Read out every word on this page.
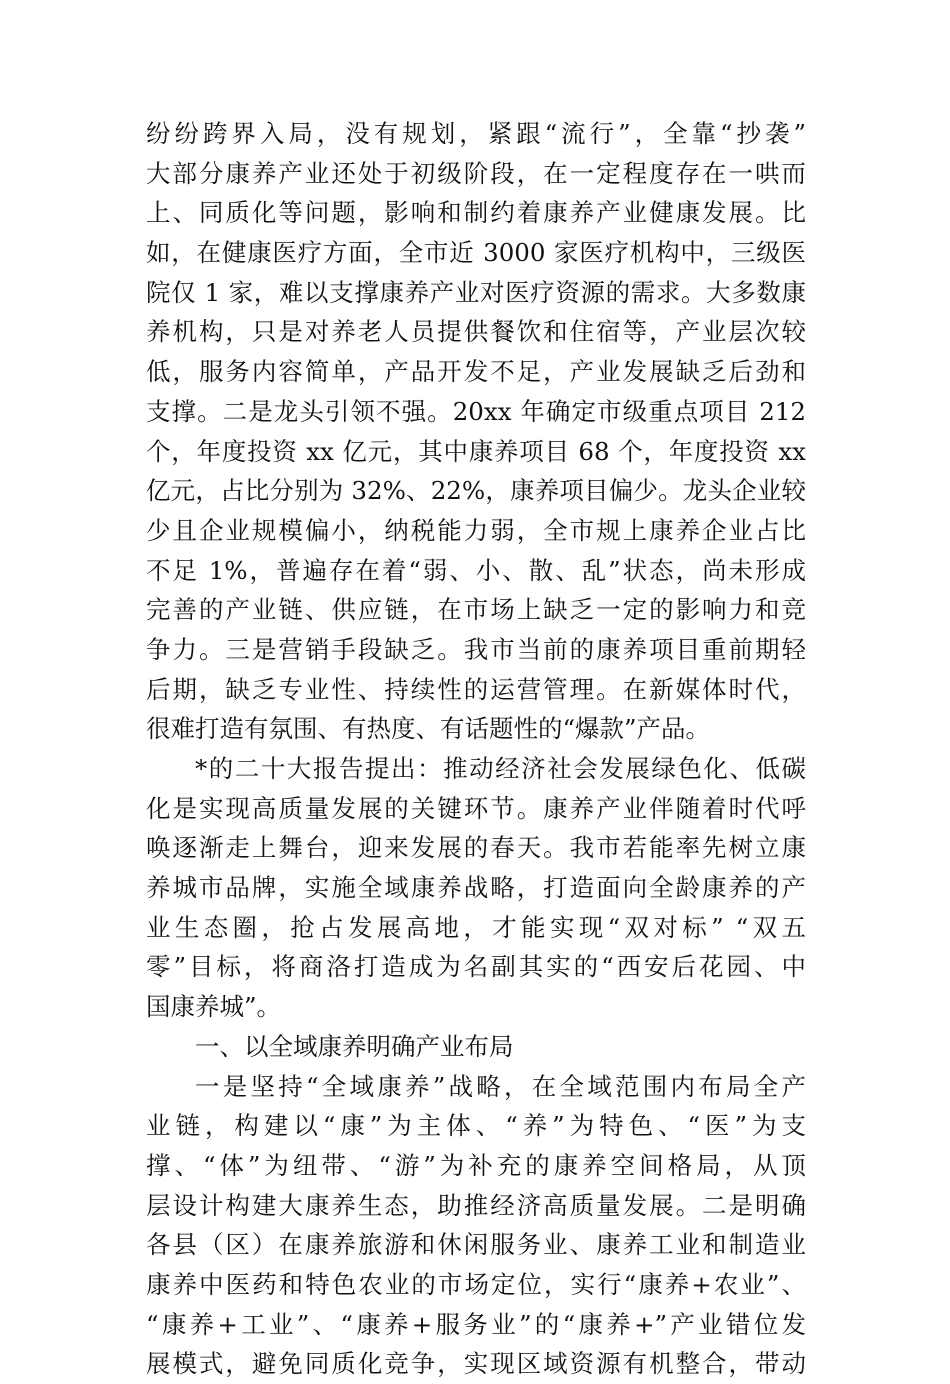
纷纷跨界入局，没有规划，紧跟“流行”，全靠“抄袭”
大部分康养产业还处于初级阶段，在一定程度存在一哄而
上、同质化等问题，影响和制约着康养产业健康发展。比
如，在健康医疗方面，全市近 3000 家医疗机构中，三级医
院仅 1 家，难以支撑康养产业对医疗资源的需求。大多数康
养机构，只是对养老人员提供餐饮和住宿等，产业层次较
低，服务内容简单，产品开发不足，产业发展缺乏后劲和
支撑。二是龙头引领不强。20xx 年确定市级重点项目 212
个，年度投资 xx 亿元，其中康养项目 68 个，年度投资 xx
亿元，占比分别为 32%、22%，康养项目偏少。龙头企业较
少且企业规模偏小，纳税能力弱，全市规上康养企业占比
不足 1%，普遍存在着“弱、小、散、乱”状态，尚未形成
完善的产业链、供应链，在市场上缺乏一定的影响力和竞
争力。三是营销手段缺乏。我市当前的康养项目重前期轻
后期，缺乏专业性、持续性的运营管理。在新媒体时代，
很难打造有氛围、有热度、有话题性的“爆款”产品。
*的二十大报告提出：推动经济社会发展绿色化、低碳
化是实现高质量发展的关键环节。康养产业伴随着时代呼
唤逐渐走上舞台，迎来发展的春天。我市若能率先树立康
养城市品牌，实施全域康养战略，打造面向全龄康养的产
业生态圈，抢占发展高地，才能实现“双对标” “双五
零”目标，将商洛打造成为名副其实的“西安后花园、中
国康养城”。
一、以全域康养明确产业布局
一是坚持“全域康养”战略，在全域范围内布局全产
业链，构建以“康”为主体、“养”为特色、“医”为支
撑、“体”为纽带、“游”为补充的康养空间格局，从顶
层设计构建大康养生态，助推经济高质量发展。二是明确
各县（区）在康养旅游和休闲服务业、康养工业和制造业
康养中医药和特色农业的市场定位，实行“康养+农业”、
“康养+工业”、“康养+服务业”的“康养+”产业错位发
展模式，避免同质化竞争，实现区域资源有机整合，带动
